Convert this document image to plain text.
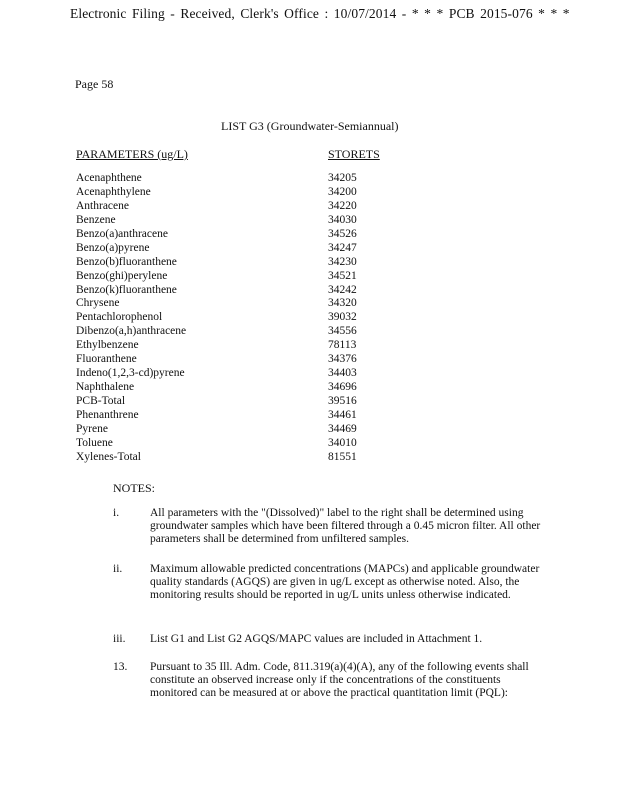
Electronic Filing - Received, Clerk's Office : 10/07/2014 - * * * PCB 2015-076 * * *
Page 58
LIST G3 (Groundwater-Semiannual)
PARAMETERS (ug/L)	STORETS
Acenaphthene	34205
Acenaphthylene	34200
Anthracene	34220
Benzene	34030
Benzo(a)anthracene	34526
Benzo(a)pyrene	34247
Benzo(b)fluoranthene	34230
Benzo(ghi)perylene	34521
Benzo(k)fluoranthene	34242
Chrysene	34320
Pentachlorophenol	39032
Dibenzo(a,h)anthracene	34556
Ethylbenzene	78113
Fluoranthene	34376
Indeno(1,2,3-cd)pyrene	34403
Naphthalene	34696
PCB-Total	39516
Phenanthrene	34461
Pyrene	34469
Toluene	34010
Xylenes-Total	81551
NOTES:
i.	All parameters with the "(Dissolved)" label to the right shall be determined using groundwater samples which have been filtered through a 0.45 micron filter. All other parameters shall be determined from unfiltered samples.
ii.	Maximum allowable predicted concentrations (MAPCs) and applicable groundwater quality standards (AGQS) are given in ug/L except as otherwise noted. Also, the monitoring results should be reported in ug/L units unless otherwise indicated.
iii.	List G1 and List G2 AGQS/MAPC values are included in Attachment 1.
13.	Pursuant to 35 Ill. Adm. Code, 811.319(a)(4)(A), any of the following events shall constitute an observed increase only if the concentrations of the constituents monitored can be measured at or above the practical quantitation limit (PQL):
